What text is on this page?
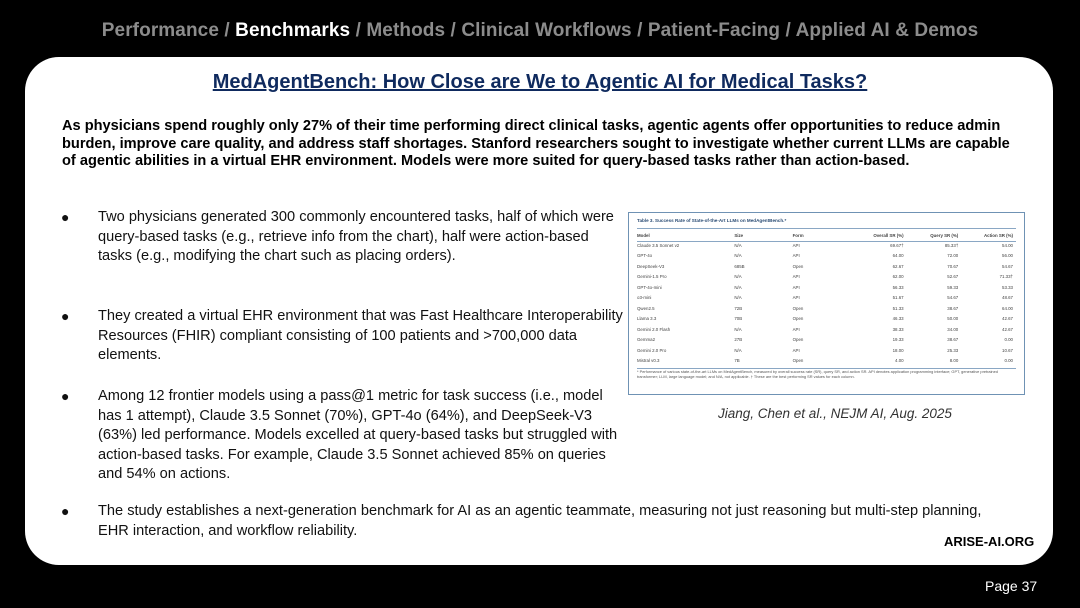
Performance / Benchmarks / Methods / Clinical Workflows / Patient-Facing / Applied AI & Demos
MedAgentBench: How Close are We to Agentic AI for Medical Tasks?
As physicians spend roughly only 27% of their time performing direct clinical tasks, agentic agents offer opportunities to reduce admin burden, improve care quality, and address staff shortages. Stanford researchers sought to investigate whether current LLMs are capable of agentic abilities in a virtual EHR environment. Models were more suited for query-based tasks rather than action-based.
● Two physicians generated 300 commonly encountered tasks, half of which were query-based tasks (e.g., retrieve info from the chart), half were action-based tasks (e.g., modifying the chart such as placing orders).
● They created a virtual EHR environment that was Fast Healthcare Interoperability Resources (FHIR) compliant consisting of 100 patients and >700,000 data elements.
● Among 12 frontier models using a pass@1 metric for task success (i.e., model has 1 attempt), Claude 3.5 Sonnet (70%), GPT-4o (64%), and DeepSeek-V3 (63%) led performance. Models excelled at query-based tasks but struggled with action-based tasks. For example, Claude 3.5 Sonnet achieved 85% on queries and 54% on actions.
● The study establishes a next-generation benchmark for AI as an agentic teammate, measuring not just reasoning but multi-step planning, EHR interaction, and workflow reliability.
Table 3. Success Rate of State-of-the-Art LLMs on MedAgentBench.*
Model	Size	Form	Overall SR (%)	Query SR (%)	Action SR (%)
Claude 3.5 Sonnet v2	N/A	API	69.67†	85.33†	54.00
GPT-4o	N/A	API	64.00	72.00	56.00
DeepSeek-V3	685B	Open	62.67	70.67	54.67
Gemini-1.5 Pro	N/A	API	62.00	52.67	71.33†
GPT-4o-mini	N/A	API	56.33	59.33	53.33
o3-mini	N/A	API	51.67	54.67	48.67
Qwen2.5	72B	Open	51.33	38.67	64.00
Llama 3.3	70B	Open	46.33	50.00	42.67
Gemini 2.0 Flash	N/A	API	38.33	34.00	42.67
Gemma2	27B	Open	19.33	38.67	0.00
Gemini 2.0 Pro	N/A	API	18.00	25.33	10.67
Mistral v0.3	7B	Open	4.00	8.00	0.00
* Performance of various state-of-the-art LLMs on MedAgentBench, measured by overall success rate (SR), query SR, and action SR. API denotes application programming interface; GPT, generative pretrained transformer; LLM, large language model; and N/A, not applicable. † These are the best performing SR values for each column.
Jiang, Chen et al., NEJM AI, Aug. 2025
ARISE-AI.ORG
Page 37
